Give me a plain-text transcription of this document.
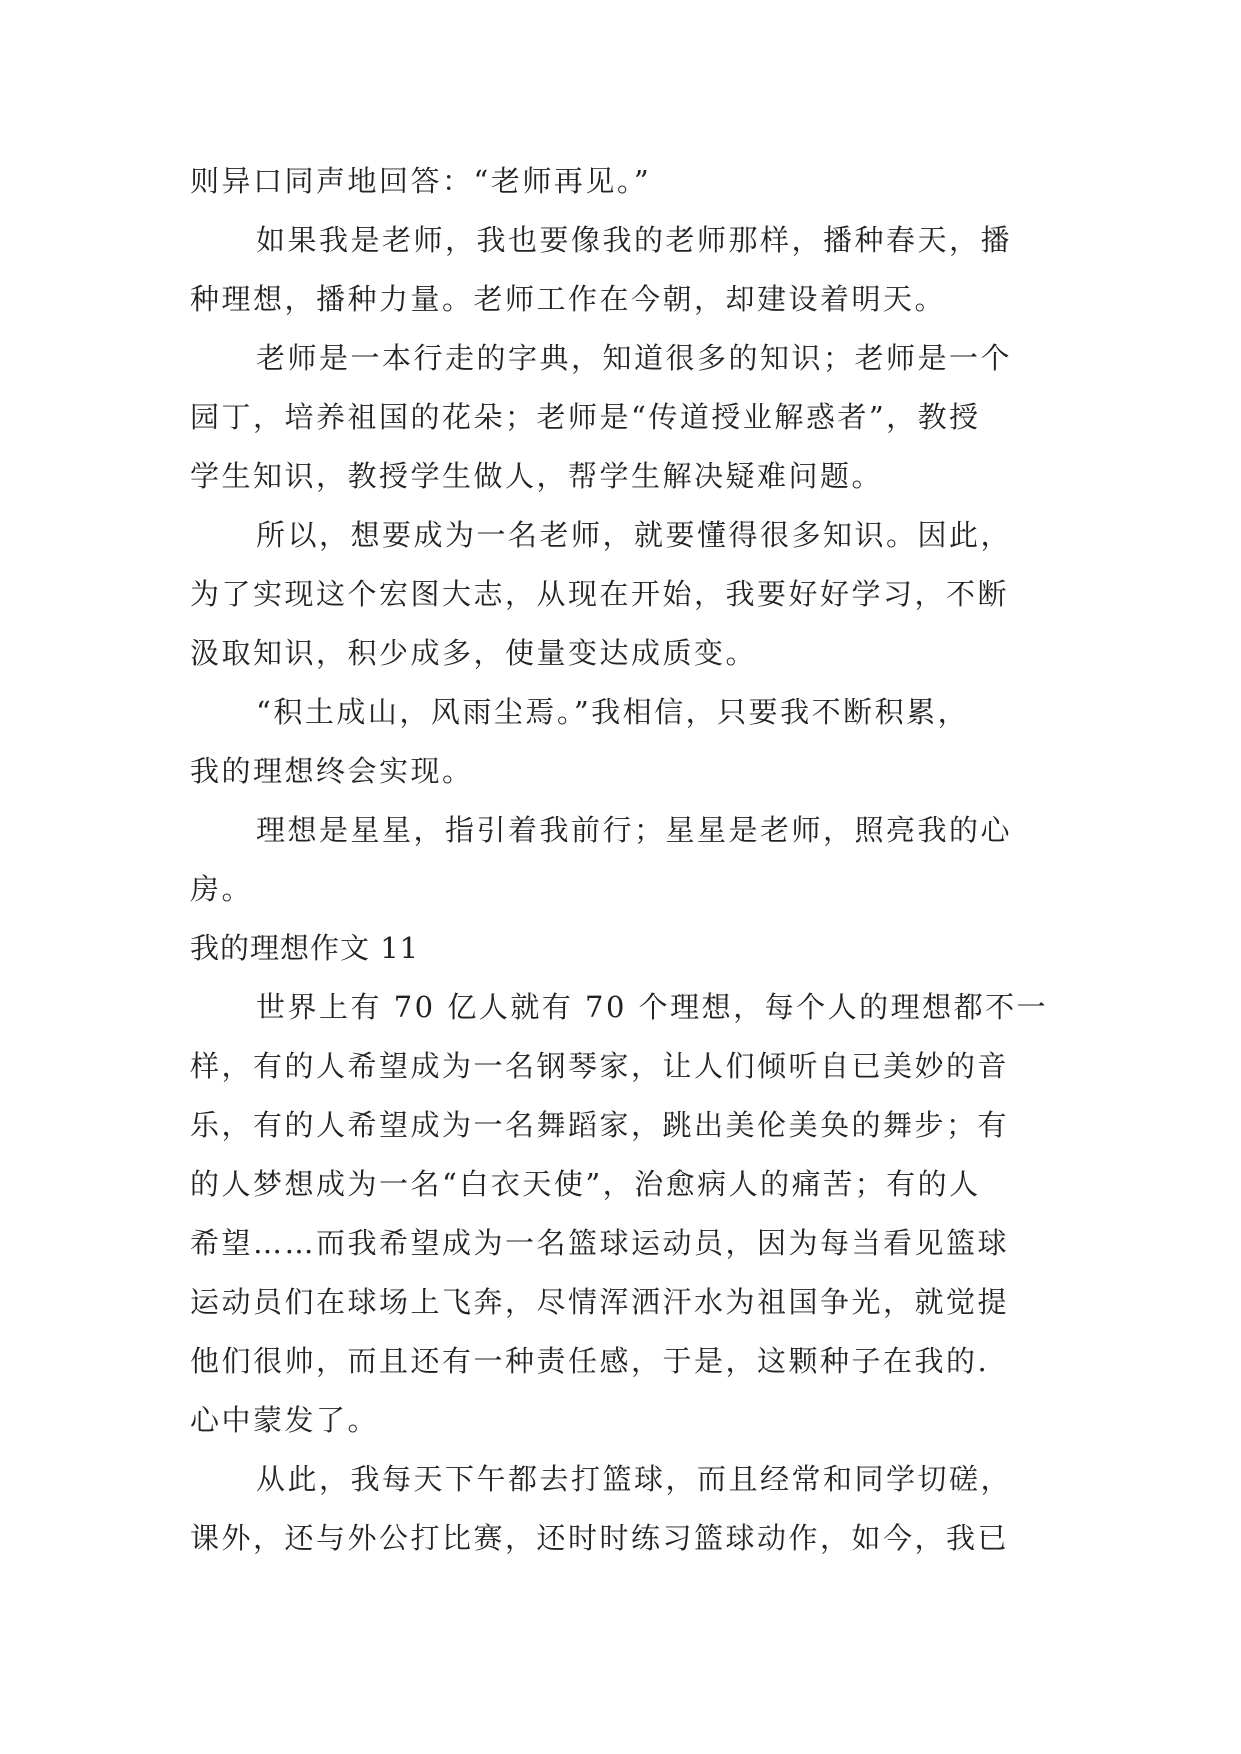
则异口同声地回答：“老师再见。”
如果我是老师，我也要像我的老师那样，播种春天，播
种理想，播种力量。老师工作在今朝，却建设着明天。
老师是一本行走的字典，知道很多的知识；老师是一个
园丁，培养祖国的花朵；老师是“传道授业解惑者”，教授
学生知识，教授学生做人，帮学生解决疑难问题。
所以，想要成为一名老师，就要懂得很多知识。因此，
为了实现这个宏图大志，从现在开始，我要好好学习，不断
汲取知识，积少成多，使量变达成质变。
“积土成山，风雨尘焉。”我相信，只要我不断积累，
我的理想终会实现。
理想是星星，指引着我前行；星星是老师，照亮我的心
房。
我的理想作文 11
世界上有 70 亿人就有 70 个理想，每个人的理想都不一
样，有的人希望成为一名钢琴家，让人们倾听自已美妙的音
乐，有的人希望成为一名舞蹈家，跳出美伦美奂的舞步；有
的人梦想成为一名“白衣天使”，治愈病人的痛苦；有的人
希望……而我希望成为一名篮球运动员，因为每当看见篮球
运动员们在球场上飞奔，尽情浑洒汗水为祖国争光，就觉提
他们很帅，而且还有一种责任感，于是，这颗种子在我的.
心中蒙发了。
从此，我每天下午都去打篮球，而且经常和同学切磋，
课外，还与外公打比赛，还时时练习篮球动作，如今，我已
